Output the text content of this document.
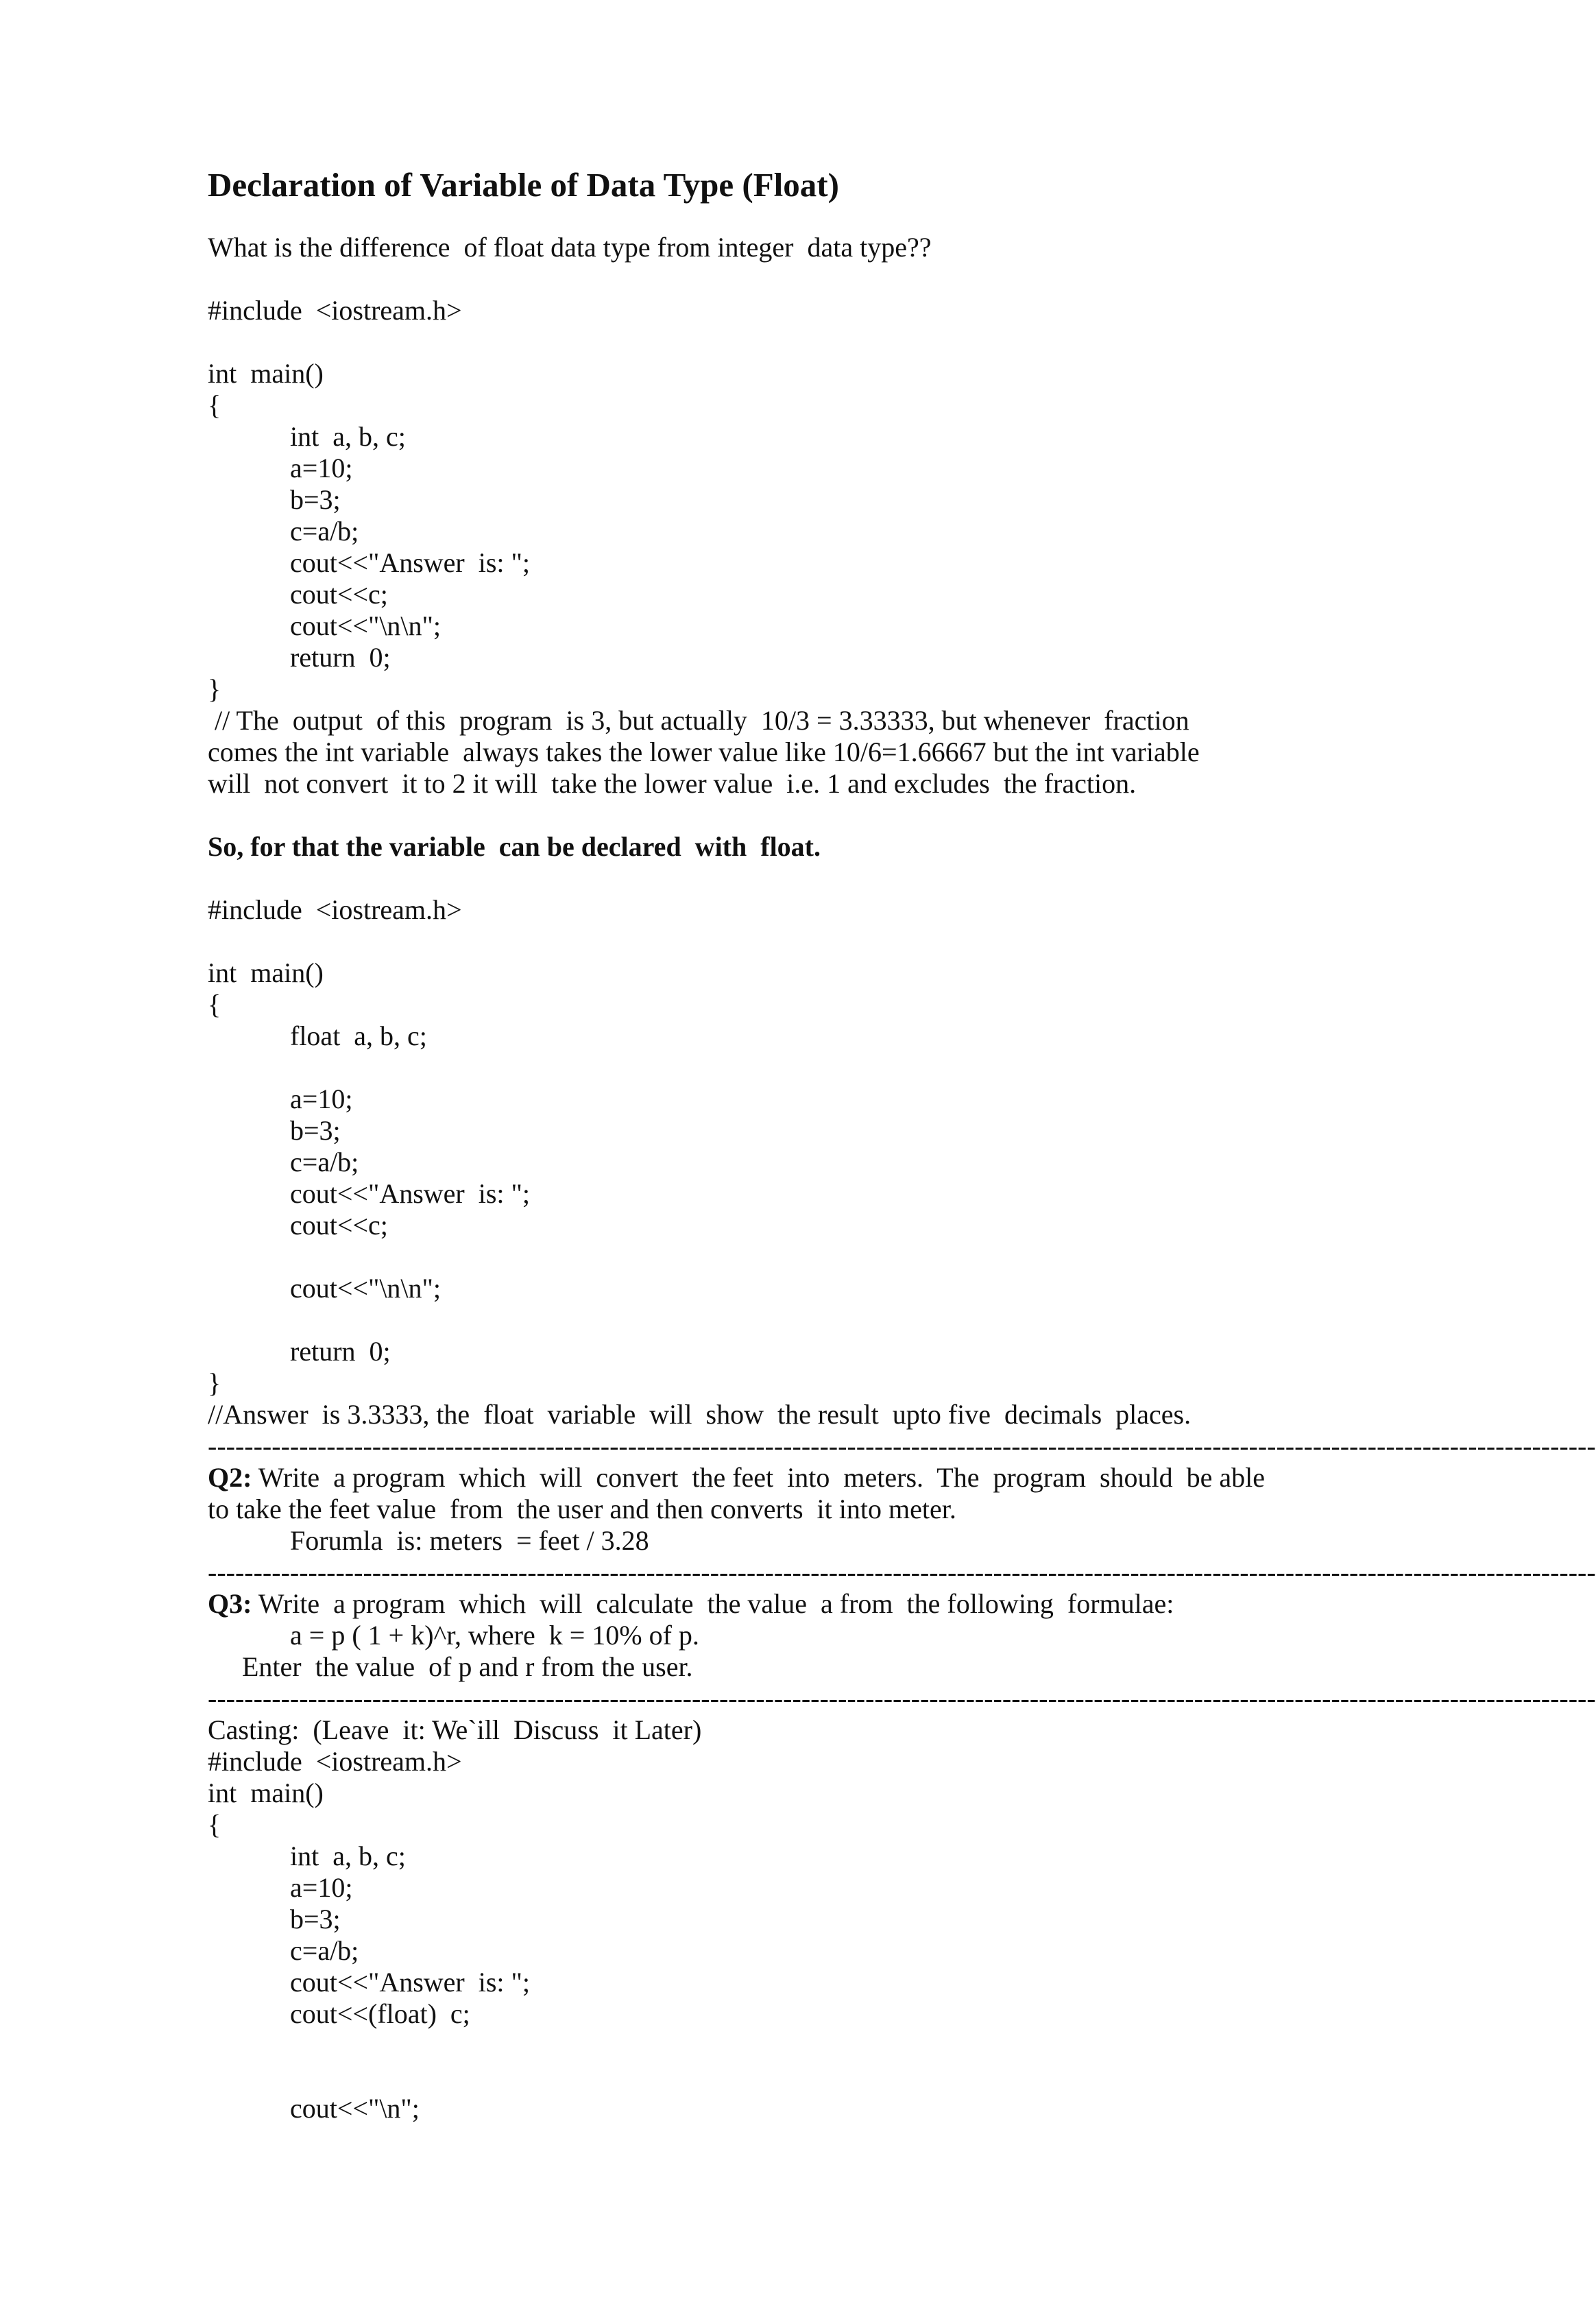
Declaration of Variable of Data Type (Float)
What is the difference  of float data type from integer  data type??
#include  <iostream.h>
int  main()
{
int  a, b, c;
a=10;
b=3;
c=a/b;
cout<<"Answer  is: ";
cout<<c;
cout<<"\n\n";
return  0;
}
// The  output  of this  program  is 3, but actually  10/3 = 3.33333, but whenever  fraction
comes the int variable  always takes the lower value like 10/6=1.66667 but the int variable
will  not convert  it to 2 it will  take the lower value  i.e. 1 and excludes  the fraction.
So, for that the variable  can be declared  with  float.
#include  <iostream.h>
int  main()
{
float  a, b, c;
a=10;
b=3;
c=a/b;
cout<<"Answer  is: ";
cout<<c;
cout<<"\n\n";
return  0;
}
//Answer  is 3.3333, the  float  variable  will  show  the result  upto five  decimals  places.
--------------------------------------------------------------------------------------------------------------------------------------------------------
Q2: Write  a program  which  will  convert  the feet  into  meters.  The  program  should  be able
to take the feet value  from  the user and then converts  it into meter.
Forumla  is: meters  = feet / 3.28
--------------------------------------------------------------------------------------------------------------------------------------------------------
Q3: Write  a program  which  will  calculate  the value  a from  the following  formulae:
a = p ( 1 + k)^r, where  k = 10% of p.
Enter  the value  of p and r from the user.
--------------------------------------------------------------------------------------------------------------------------------------------------------
Casting:  (Leave  it: We`ill  Discuss  it Later)
#include  <iostream.h>
int  main()
{
int  a, b, c;
a=10;
b=3;
c=a/b;
cout<<"Answer  is: ";
cout<<(float)  c;
cout<<"\n";
